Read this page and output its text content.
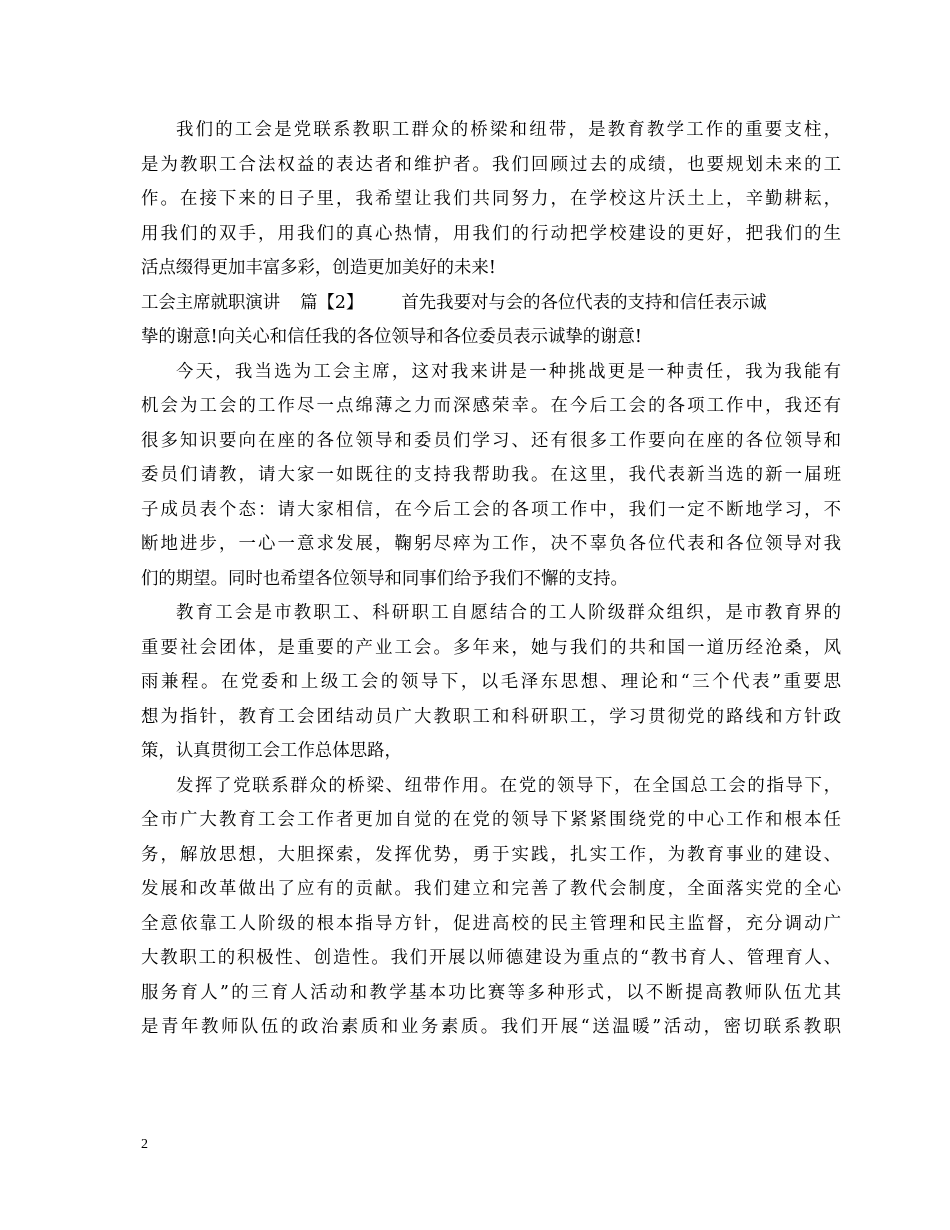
我们的工会是党联系教职工群众的桥梁和纽带，是教育教学工作的重要支柱，
是为教职工合法权益的表达者和维护者。我们回顾过去的成绩，也要规划未来的工
作。在接下来的日子里，我希望让我们共同努力，在学校这片沃土上，辛勤耕耘，
用我们的双手，用我们的真心热情，用我们的行动把学校建设的更好，把我们的生
活点缀得更加丰富多彩，创造更加美好的未来!
工会主席就职演讲 篇【2】 首先我要对与会的各位代表的支持和信任表示诚
挚的谢意!向关心和信任我的各位领导和各位委员表示诚挚的谢意!
今天，我当选为工会主席，这对我来讲是一种挑战更是一种责任，我为我能有
机会为工会的工作尽一点绵薄之力而深感荣幸。在今后工会的各项工作中，我还有
很多知识要向在座的各位领导和委员们学习、还有很多工作要向在座的各位领导和
委员们请教，请大家一如既往的支持我帮助我。在这里，我代表新当选的新一届班
子成员表个态：请大家相信，在今后工会的各项工作中，我们一定不断地学习，不
断地进步，一心一意求发展，鞠躬尽瘁为工作，决不辜负各位代表和各位领导对我
们的期望。同时也希望各位领导和同事们给予我们不懈的支持。
教育工会是市教职工、科研职工自愿结合的工人阶级群众组织，是市教育界的
重要社会团体，是重要的产业工会。多年来，她与我们的共和国一道历经沧桑，风
雨兼程。在党委和上级工会的领导下，以毛泽东思想、理论和“三个代表”重要思
想为指针，教育工会团结动员广大教职工和科研职工，学习贯彻党的路线和方针政
策，认真贯彻工会工作总体思路，
发挥了党联系群众的桥梁、纽带作用。在党的领导下，在全国总工会的指导下，
全市广大教育工会工作者更加自觉的在党的领导下紧紧围绕党的中心工作和根本任
务，解放思想，大胆探索，发挥优势，勇于实践，扎实工作，为教育事业的建设、
发展和改革做出了应有的贡献。我们建立和完善了教代会制度，全面落实党的全心
全意依靠工人阶级的根本指导方针，促进高校的民主管理和民主监督，充分调动广
大教职工的积极性、创造性。我们开展以师德建设为重点的“教书育人、管理育人、
服务育人”的三育人活动和教学基本功比赛等多种形式，以不断提高教师队伍尤其
是青年教师队伍的政治素质和业务素质。我们开展“送温暖”活动，密切联系教职
2
